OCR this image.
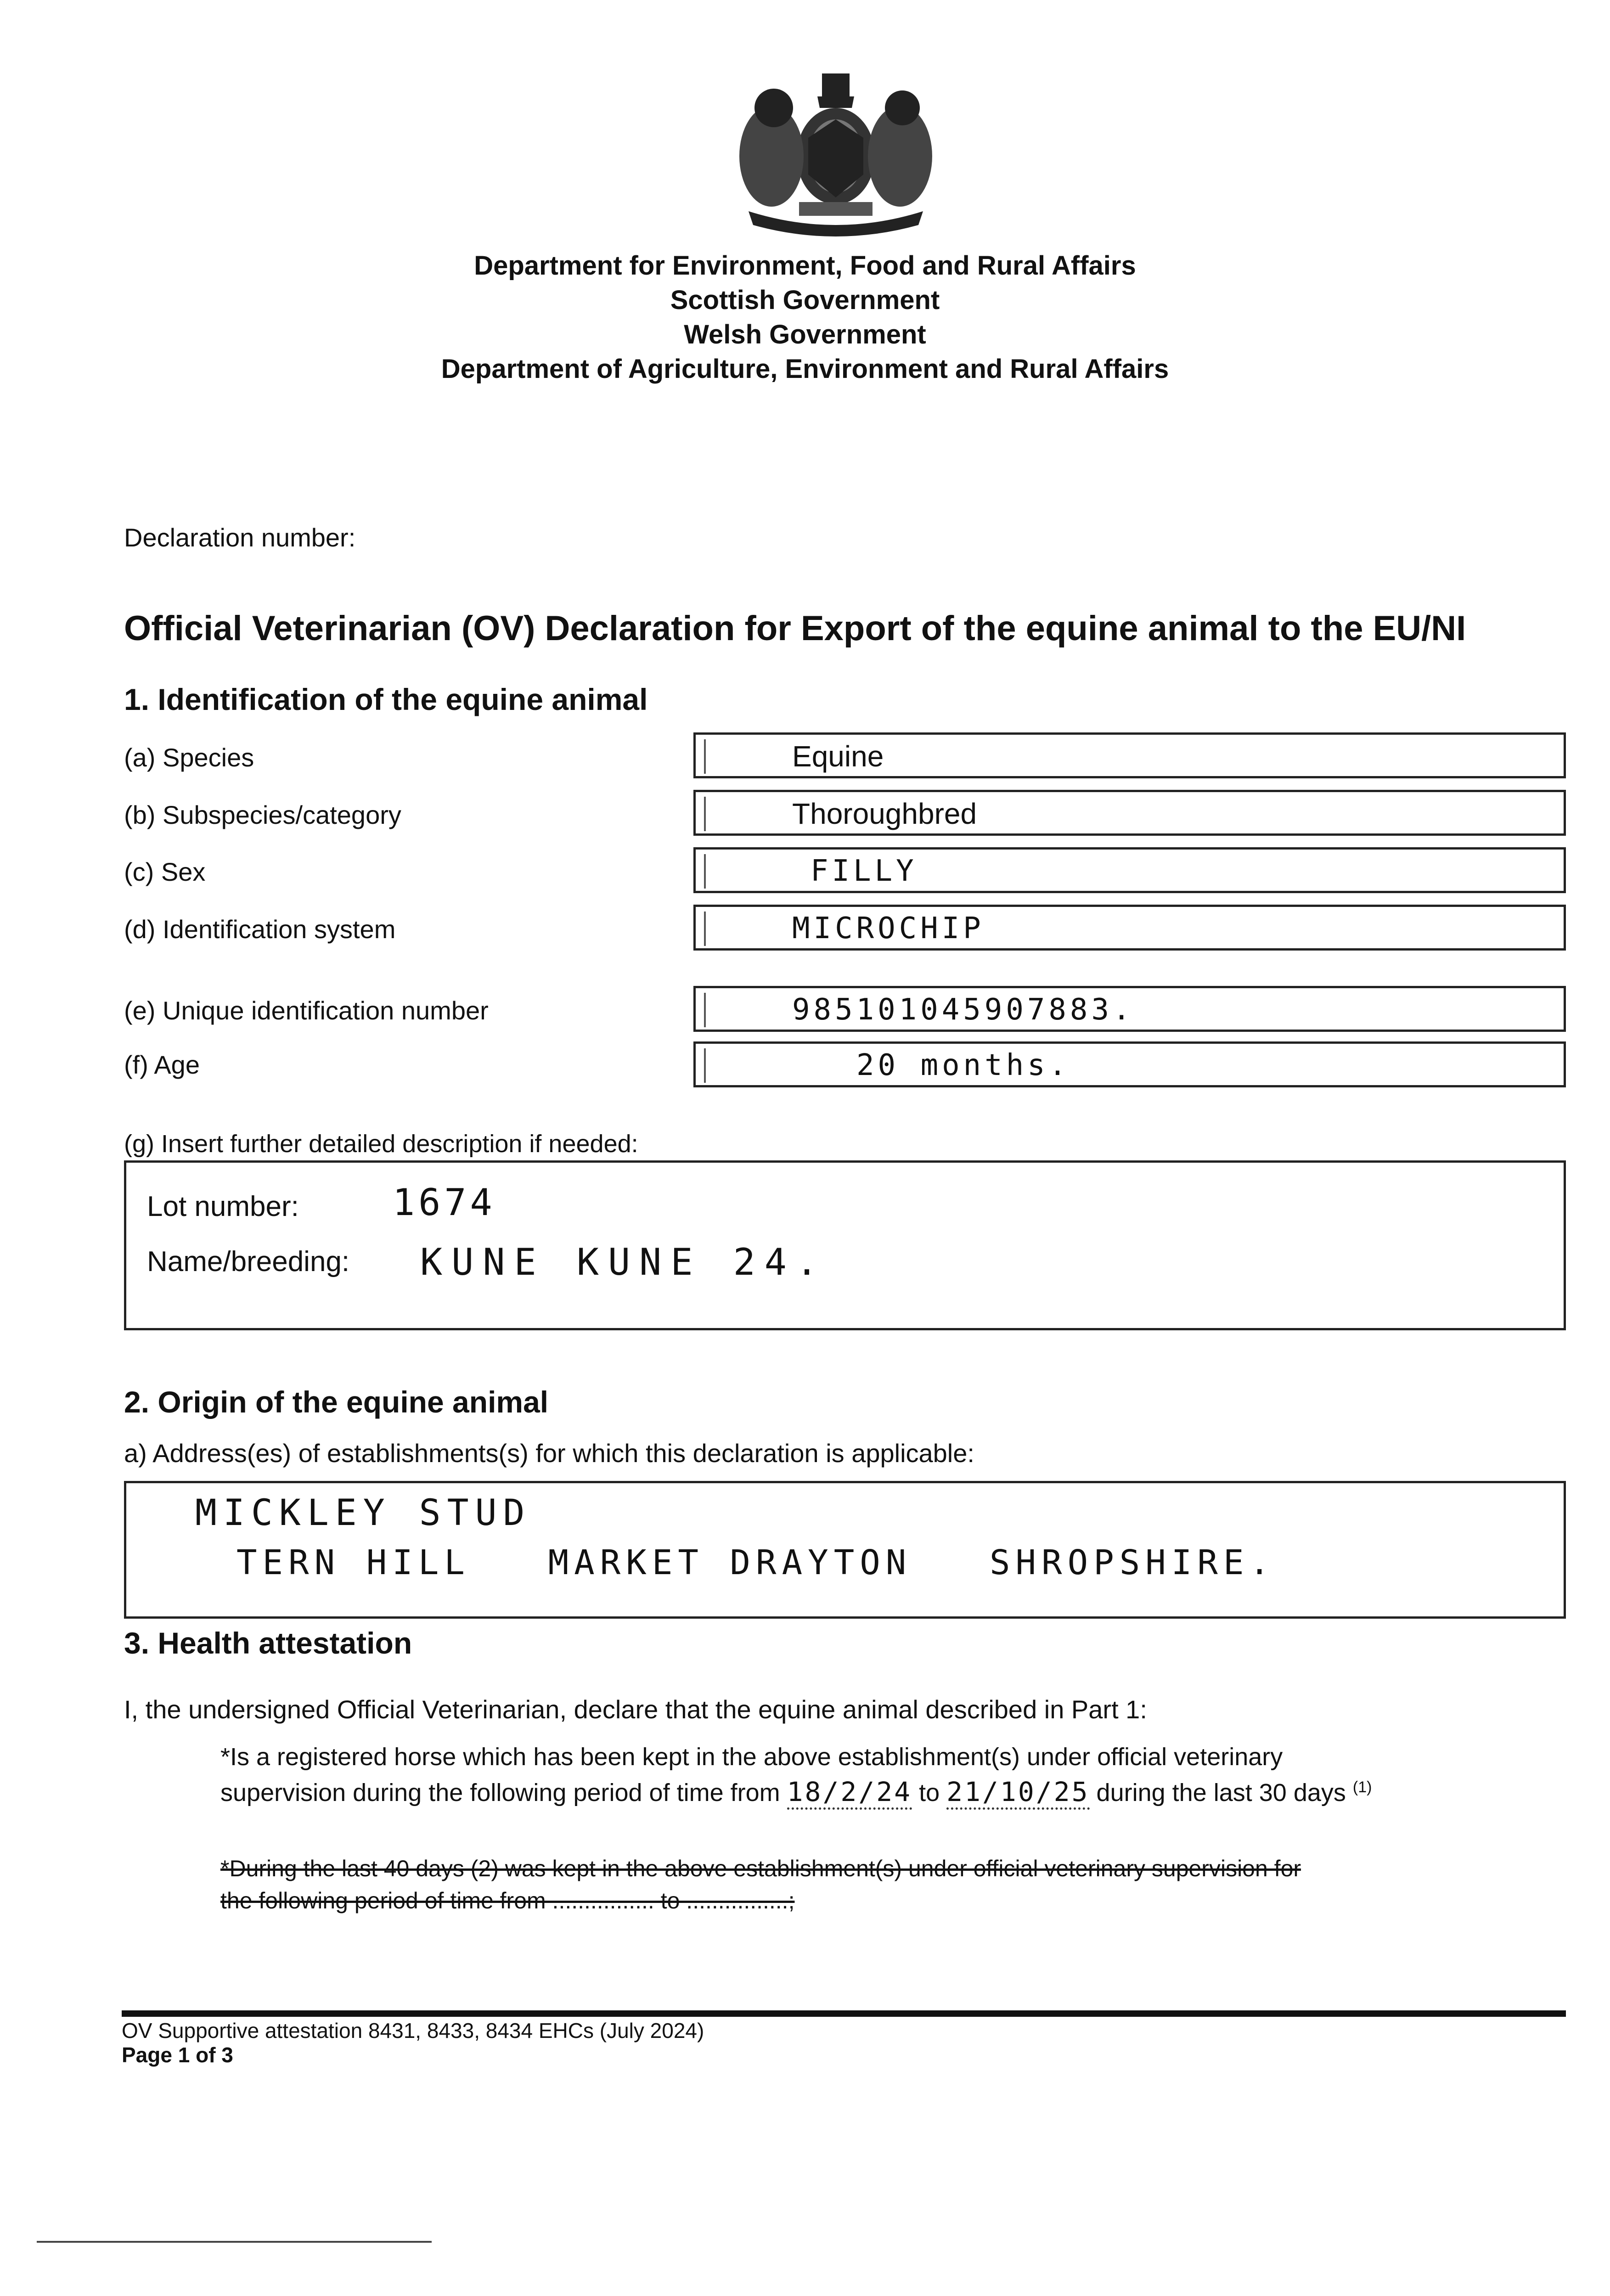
Department for Environment, Food and Rural Affairs
Scottish Government
Welsh Government
Department of Agriculture, Environment and Rural Affairs
Declaration number:
Official Veterinarian (OV) Declaration for Export of the equine animal to the EU/NI
1. Identification of the equine animal
(a) Species	Equine
(b) Subspecies/category	Thoroughbred
(c) Sex	FILLY
(d) Identification system	MICROCHIP
(e) Unique identification number	985101045907883.
(f) Age	20 months.
(g) Insert further detailed description if needed:
Lot number:	1674
Name/breeding: KUNE KUNE 24.
2. Origin of the equine animal
a) Address(es) of establishments(s) for which this declaration is applicable:
MICKLEY STUD
TERN HILL   MARKET DRAYTON   SHROPSHIRE.
3. Health attestation
I, the undersigned Official Veterinarian, declare that the equine animal described in Part 1:
*Is a registered horse which has been kept in the above establishment(s) under official veterinary
supervision during the following period of time from 18/2/24 to 21/10/25 during the last 30 days $^{(1)}$
*During the last 40 days (2) was kept in the above establishment(s) under official veterinary supervision for
the following period of time from ................ to ................;
OV Supportive attestation 8431, 8433, 8434 EHCs (July 2024)
Page 1 of 3
